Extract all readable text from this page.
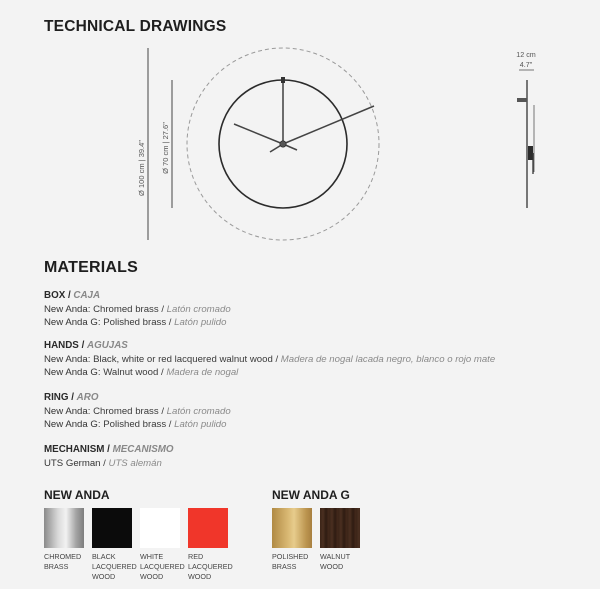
TECHNICAL DRAWINGS
Ø 100 cm | 39.4" Ø 70 cm | 27.6"
12 cm
4.7"
MATERIALS
BOX / CAJA
New Anda: Chromed brass / Latón cromado
New Anda G: Polished brass / Latón pulido
HANDS / AGUJAS
New Anda: Black, white or red lacquered walnut wood / Madera de nogal lacada negro, blanco o rojo mate
New Anda G: Walnut wood / Madera de nogal
RING / ARO
New Anda: Chromed brass / Latón cromado
New Anda G: Polished brass / Latón pulido
MECHANISM / MECANISMO
UTS German / UTS alemán
NEW ANDA	NEW ANDA G
CHROMED
BRASS
BLACK
LACQUERED
WOOD
WHITE
LACQUERED
WOOD
RED
LACQUERED
WOOD
POLISHED
BRASS
WALNUT
WOOD
